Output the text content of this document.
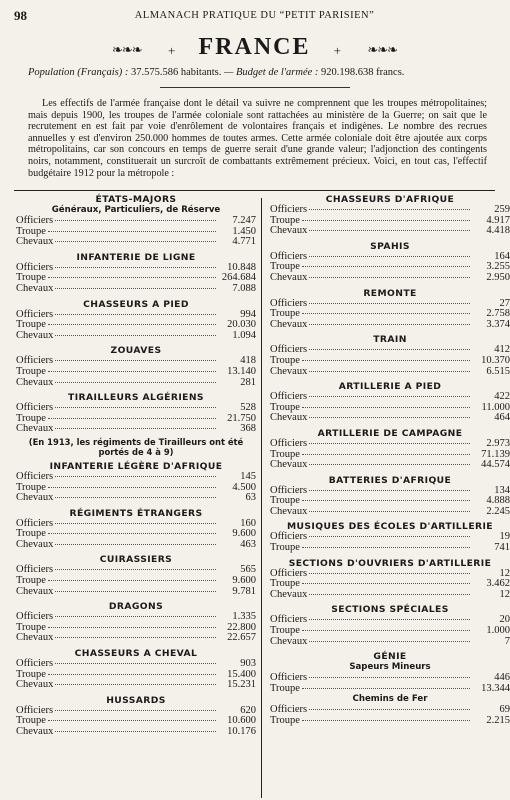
98	ALMANACH PRATIQUE DU “PETIT PARISIEN”
❧❧❧ + FRANCE	+ ❧❧❧
Population (Français) : 37.575.586 habitants. — Budget de l'armée : 920.198.638 francs.

Les effectifs de l'armée française dont le détail va suivre ne comprennent que les troupes métropolitaines; mais depuis 1900, les troupes de l'armée coloniale sont rattachées au ministère de la Guerre; on sait que le recrutement en est fait par voie d'enrôlement de volontaires français et indigènes. Le nombre des recrues annuelles y est d'environ 250.000 hommes de toutes armes. Cette armée coloniale doit être ajoutée aux corps métropolitains, car son concours en temps de guerre serait d'une grande valeur; l'adjonction des contingents noirs, notamment, constituerait un surcroît de combattants extrêmement précieux. Voici, en tout cas, l'effectif budgétaire 1912 pour la métropole :

ÉTATS-MAJORS
Généraux, Particuliers, de Réserve
Officiers	7.247
Troupe	1.450
Chevaux	4.771
INFANTERIE DE LIGNE
Officiers	10.848
Troupe	264.684
Chevaux	7.088
CHASSEURS A PIED
Officiers	994
Troupe	20.030
Chevaux	1.094
ZOUAVES
Officiers	418
Troupe	13.140
Chevaux	281
TIRAILLEURS ALGÉRIENS
Officiers	528
Troupe	21.750
Chevaux	368
(En 1913, les régiments de Tirailleurs ont été portés de 4 à 9)
INFANTERIE LÉGÈRE D'AFRIQUE
Officiers	145
Troupe	4.500
Chevaux	63
RÉGIMENTS ÉTRANGERS
Officiers	160
Troupe	9.600
Chevaux	463
CUIRASSIERS
Officiers	565
Troupe	9.600
Chevaux	9.781
DRAGONS
Officiers	1.335
Troupe	22.800
Chevaux	22.657
CHASSEURS A CHEVAL
Officiers	903
Troupe	15.400
Chevaux	15.231
HUSSARDS
Officiers	620
Troupe	10.600
Chevaux	10.176
CHASSEURS D'AFRIQUE
Officiers	259
Troupe	4.917
Chevaux	4.418
SPAHIS
Officiers	164
Troupe	3.255
Chevaux	2.950
REMONTE
Officiers	27
Troupe	2.758
Chevaux	3.374
TRAIN
Officiers	412
Troupe	10.370
Chevaux	6.515
ARTILLERIE A PIED
Officiers	422
Troupe	11.000
Chevaux	464
ARTILLERIE DE CAMPAGNE
Officiers	2.973
Troupe	71.139
Chevaux	44.574
BATTERIES D'AFRIQUE
Officiers	134
Troupe	4.888
Chevaux	2.245
MUSIQUES DES ÉCOLES D'ARTILLERIE
Officiers	19
Troupe	741
SECTIONS D'OUVRIERS D'ARTILLERIE
Officiers	12
Troupe	3.462
Chevaux	12
SECTIONS SPÉCIALES
Officiers	20
Troupe	1.000
Chevaux	7
GÉNIE
Sapeurs Mineurs
Officiers	446
Troupe	13.344
Chemins de Fer
Officiers	69
Troupe	2.215
